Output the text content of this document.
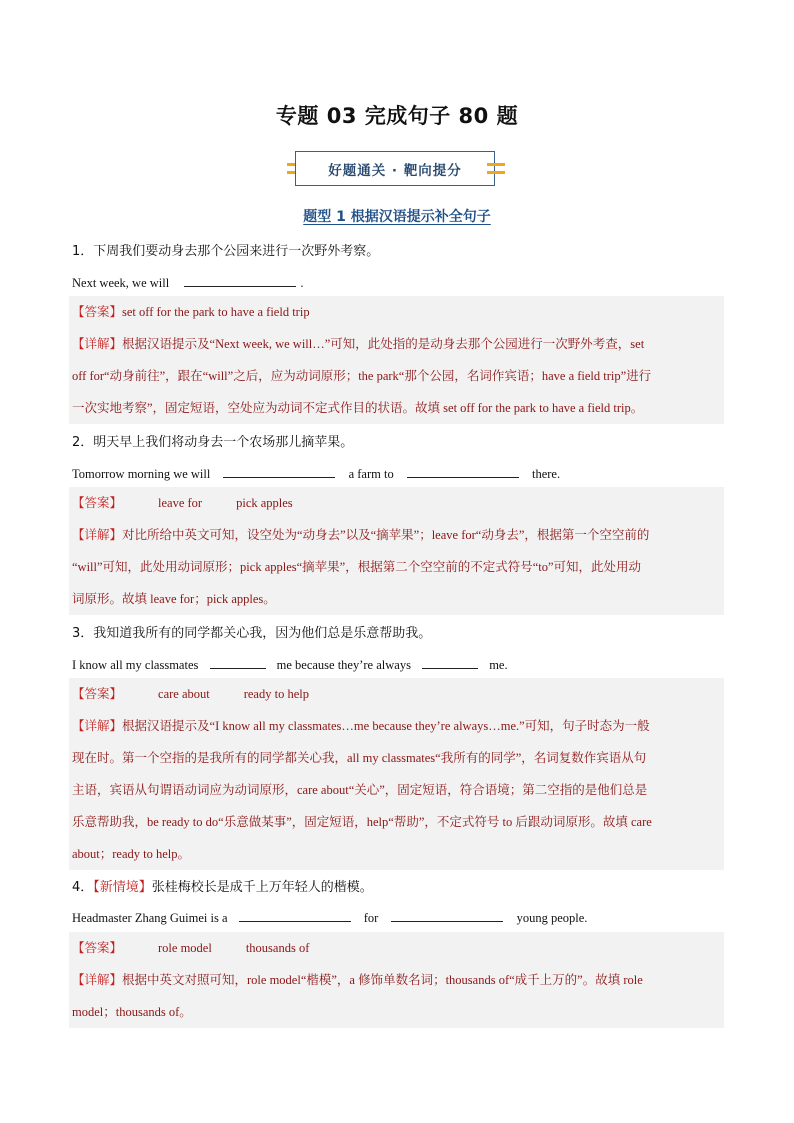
专题 03 完成句子 80 题
好题通关 · 靶向提分
题型 1 根据汉语提示补全句子
1．下周我们要动身去那个公园来进行一次野外考察。
Next week, we will	.
【答案】set off for the park to have a field trip
【详解】根据汉语提示及“Next week, we will…”可知，此处指的是动身去那个公园进行一次野外考查，set
off for“动身前往”，跟在“will”之后，应为动词原形；the park“那个公园，名词作宾语；have a field trip”进行
一次实地考察”，固定短语，空处应为动词不定式作目的状语。故填 set off for the park to have a field trip。
2．明天早上我们将动身去一个农场那儿摘苹果。
Tomorrow morning we will	a farm to	there.
【答案】	leave for	pick apples
【详解】对比所给中英文可知，设空处为“动身去”以及“摘苹果”；leave for“动身去”，根据第一个空空前的
“will”可知，此处用动词原形；pick apples“摘苹果”，根据第二个空空前的不定式符号“to”可知，此处用动
词原形。故填 leave for；pick apples。
3．我知道我所有的同学都关心我，因为他们总是乐意帮助我。
I know all my classmates	me because they’re always	me.
【答案】	care about	ready to help
【详解】根据汉语提示及“I know all my classmates…me because they’re always…me.”可知，句子时态为一般
现在时。第一个空指的是我所有的同学都关心我，all my classmates“我所有的同学”，名词复数作宾语从句
主语，宾语从句谓语动词应为动词原形，care about“关心”，固定短语，符合语境；第二空指的是他们总是
乐意帮助我，be ready to do“乐意做某事”，固定短语，help“帮助”，不定式符号 to 后跟动词原形。故填 care
about；ready to help。
4．【新情境】张桂梅校长是成千上万年轻人的楷模。
Headmaster Zhang Guimei is a	for	young people.
【答案】	role model	thousands of
【详解】根据中英文对照可知，role model“楷模”，a 修饰单数名词；thousands of“成千上万的”。故填 role
model；thousands of。
